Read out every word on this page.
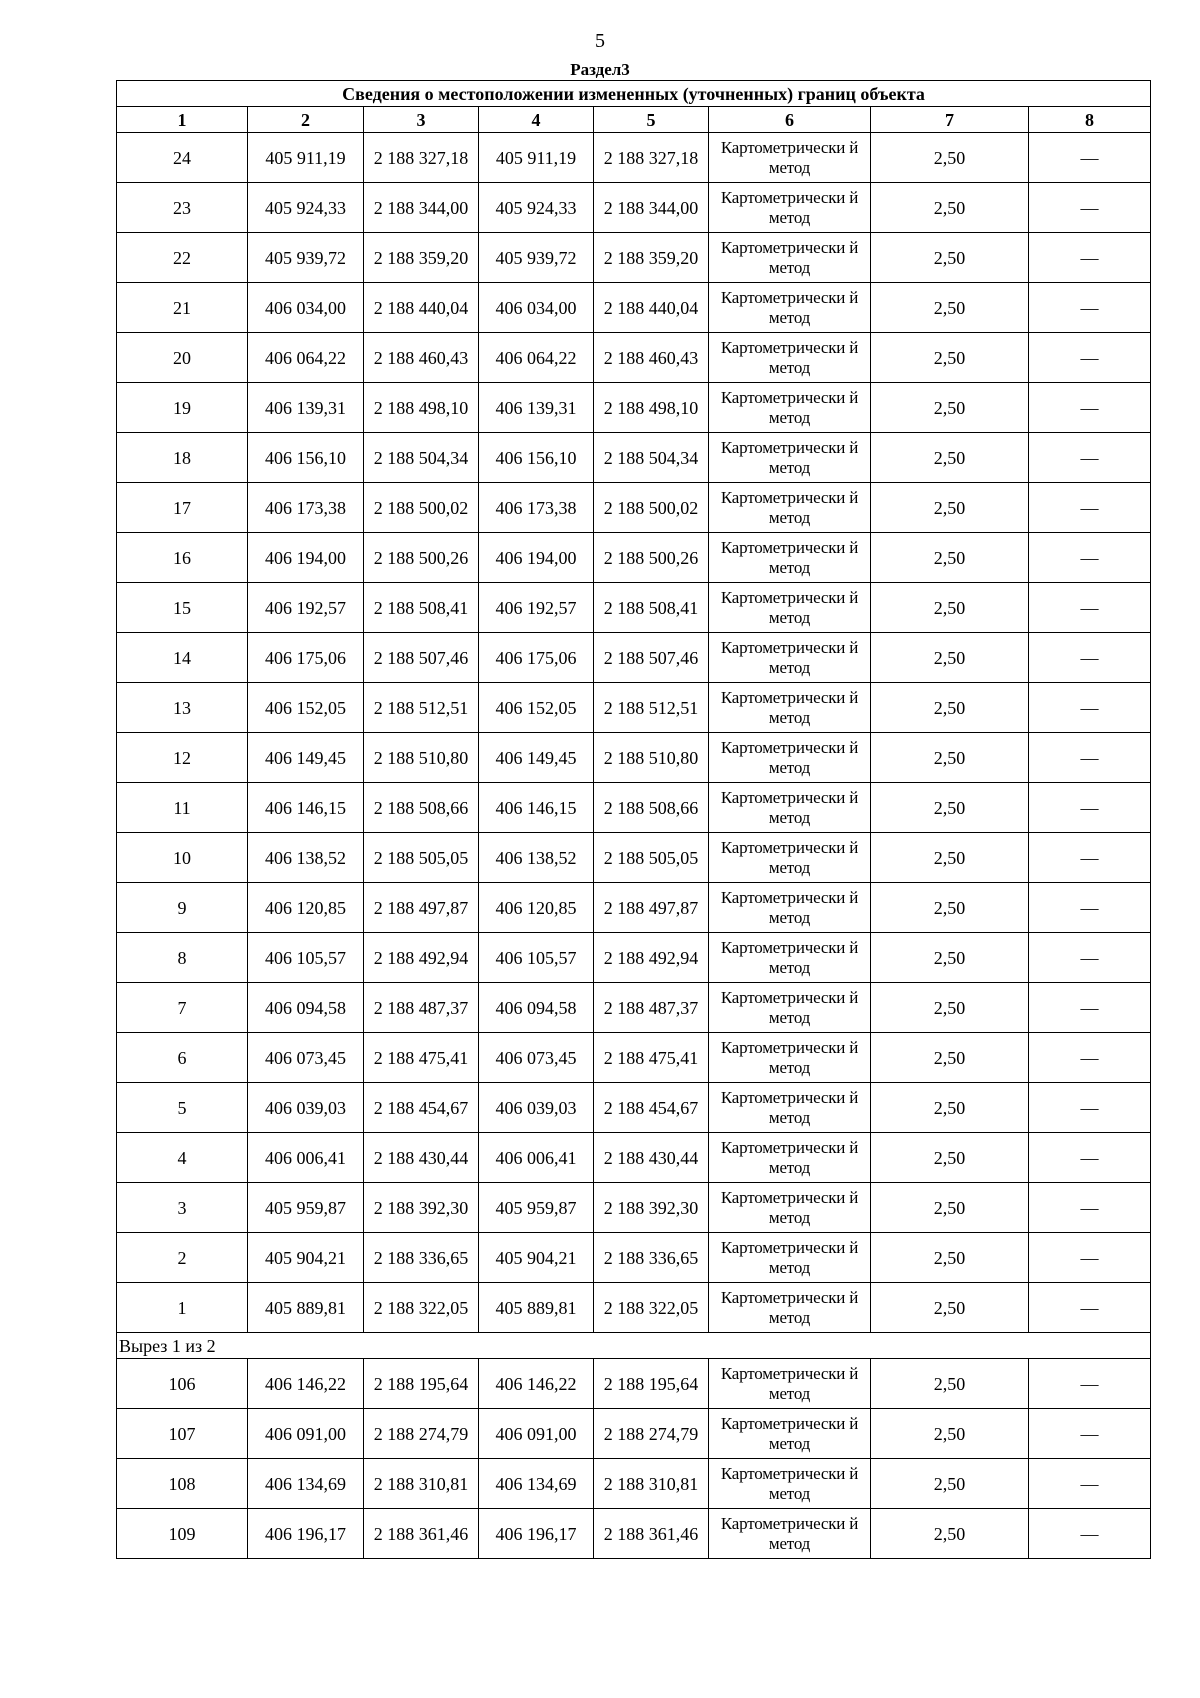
5
Раздел3
Сведения о местоположении измененных (уточненных) границ объекта							
1	2	3	4	5	6	7	8
24	405 911,19	2 188 327,18	405 911,19	2 188 327,18	Картометрически й метод	2,50	—
23	405 924,33	2 188 344,00	405 924,33	2 188 344,00	Картометрически й метод	2,50	—
22	405 939,72	2 188 359,20	405 939,72	2 188 359,20	Картометрически й метод	2,50	—
21	406 034,00	2 188 440,04	406 034,00	2 188 440,04	Картометрически й метод	2,50	—
20	406 064,22	2 188 460,43	406 064,22	2 188 460,43	Картометрически й метод	2,50	—
19	406 139,31	2 188 498,10	406 139,31	2 188 498,10	Картометрически й метод	2,50	—
18	406 156,10	2 188 504,34	406 156,10	2 188 504,34	Картометрически й метод	2,50	—
17	406 173,38	2 188 500,02	406 173,38	2 188 500,02	Картометрически й метод	2,50	—
16	406 194,00	2 188 500,26	406 194,00	2 188 500,26	Картометрически й метод	2,50	—
15	406 192,57	2 188 508,41	406 192,57	2 188 508,41	Картометрически й метод	2,50	—
14	406 175,06	2 188 507,46	406 175,06	2 188 507,46	Картометрически й метод	2,50	—
13	406 152,05	2 188 512,51	406 152,05	2 188 512,51	Картометрически й метод	2,50	—
12	406 149,45	2 188 510,80	406 149,45	2 188 510,80	Картометрически й метод	2,50	—
11	406 146,15	2 188 508,66	406 146,15	2 188 508,66	Картометрически й метод	2,50	—
10	406 138,52	2 188 505,05	406 138,52	2 188 505,05	Картометрически й метод	2,50	—
9	406 120,85	2 188 497,87	406 120,85	2 188 497,87	Картометрически й метод	2,50	—
8	406 105,57	2 188 492,94	406 105,57	2 188 492,94	Картометрически й метод	2,50	—
7	406 094,58	2 188 487,37	406 094,58	2 188 487,37	Картометрически й метод	2,50	—
6	406 073,45	2 188 475,41	406 073,45	2 188 475,41	Картометрически й метод	2,50	—
5	406 039,03	2 188 454,67	406 039,03	2 188 454,67	Картометрически й метод	2,50	—
4	406 006,41	2 188 430,44	406 006,41	2 188 430,44	Картометрически й метод	2,50	—
3	405 959,87	2 188 392,30	405 959,87	2 188 392,30	Картометрически й метод	2,50	—
2	405 904,21	2 188 336,65	405 904,21	2 188 336,65	Картометрически й метод	2,50	—
1	405 889,81	2 188 322,05	405 889,81	2 188 322,05	Картометрически й метод	2,50	—
Вырез 1 из 2							
106	406 146,22	2 188 195,64	406 146,22	2 188 195,64	Картометрически й метод	2,50	—
107	406 091,00	2 188 274,79	406 091,00	2 188 274,79	Картометрически й метод	2,50	—
108	406 134,69	2 188 310,81	406 134,69	2 188 310,81	Картометрически й метод	2,50	—
109	406 196,17	2 188 361,46	406 196,17	2 188 361,46	Картометрически й метод	2,50	—
